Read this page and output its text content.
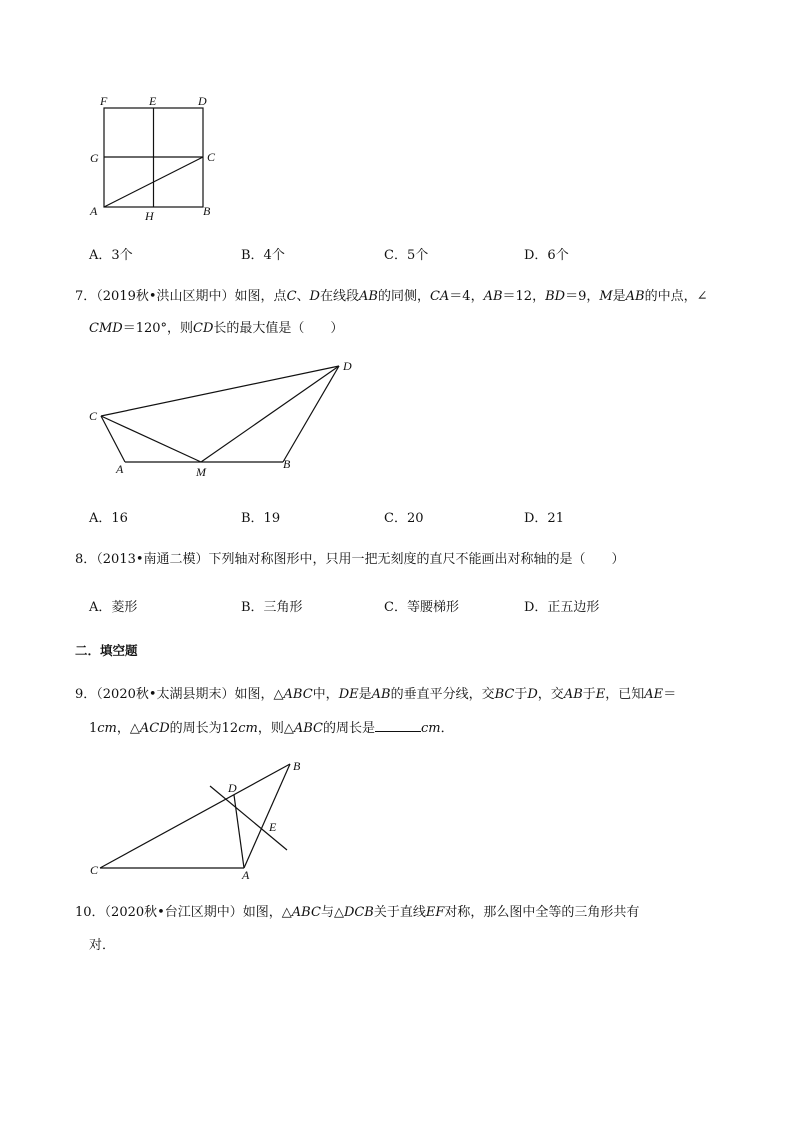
F	E	D
G	C
A	H	B
A．3个	B．4个	C．5个	D．6个
7．（2019秋•洪山区期中）如图，点C、D在线段AB的同侧，CA＝4，AB＝12，BD＝9，M是AB的中点，∠
CMD＝120°，则CD长的最大值是（　　）
C
D
A	M
B
A．16	B．19	C．20	D．21
8．（2013•南通二模）下列轴对称图形中，只用一把无刻度的直尺不能画出对称轴的是（　　）
A．菱形	B．三角形	C．等腰梯形	D．正五边形
二．填空题
9．（2020秋•太湖县期末）如图，△ABC中，DE是AB的垂直平分线，交BC于D，交AB于E，已知AE＝
1cm，△ACD的周长为12cm，则△ABC的周长是	cm．
B
D
E
C	A
10．（2020秋•台江区期中）如图，△ABC与△DCB关于直线EF对称，那么图中全等的三角形共有
对．
